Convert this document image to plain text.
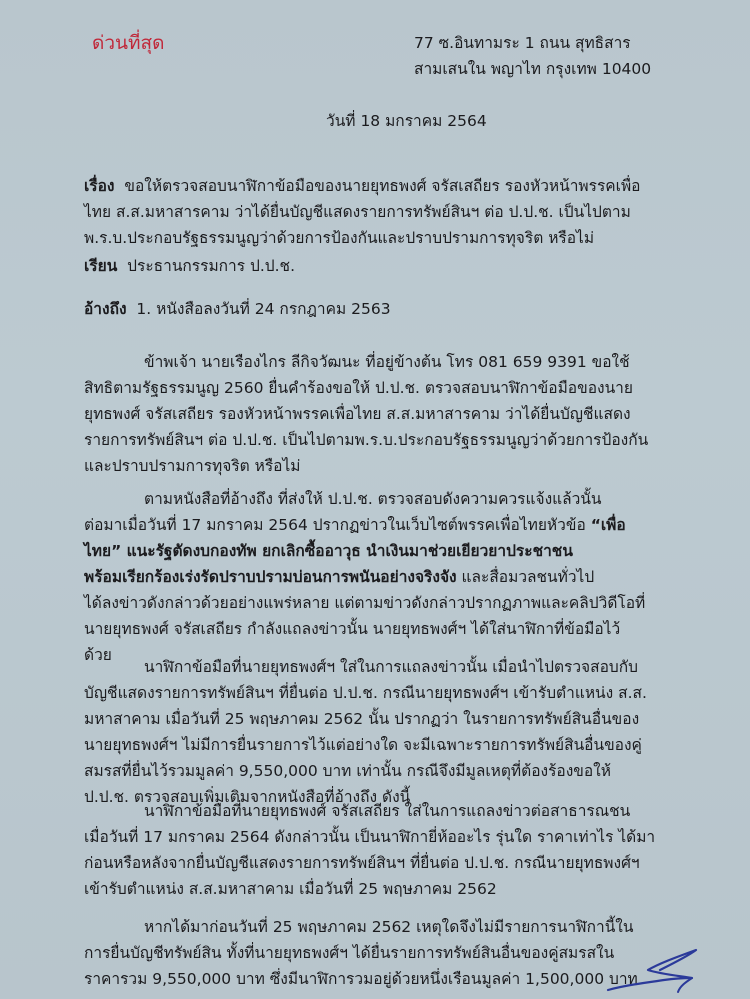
ด่วนที่สุด	77 ซ.อินทามระ 1 ถนน สุทธิสาร
สามเสนใน พญาไท กรุงเทพ 10400
วันที่ 18 มกราคม 2564
เรื่อง ขอให้ตรวจสอบนาฬิกาข้อมือของนายยุทธพงศ์ จรัสเสถียร รองหัวหน้าพรรคเพื่อ
ไทย ส.ส.มหาสารคาม ว่าได้ยื่นบัญชีแสดงรายการทรัพย์สินฯ ต่อ ป.ป.ช. เป็นไปตาม
พ.ร.บ.ประกอบรัฐธรรมนูญว่าด้วยการป้องกันและปราบปรามการทุจริต หรือไม่
เรียน ประธานกรรมการ ป.ป.ช.
อ้างถึง 1. หนังสือลงวันที่ 24 กรกฎาคม 2563
ข้าพเจ้า นายเรืองไกร ลีกิจวัฒนะ ที่อยู่ข้างต้น โทร 081 659 9391 ขอใช้
สิทธิตามรัฐธรรมนูญ 2560 ยื่นคำร้องขอให้ ป.ป.ช. ตรวจสอบนาฬิกาข้อมือของนาย
ยุทธพงศ์ จรัสเสถียร รองหัวหน้าพรรคเพื่อไทย ส.ส.มหาสารคาม ว่าได้ยื่นบัญชีแสดง
รายการทรัพย์สินฯ ต่อ ป.ป.ช. เป็นไปตามพ.ร.บ.ประกอบรัฐธรรมนูญว่าด้วยการป้องกัน
และปราบปรามการทุจริต หรือไม่
ตามหนังสือที่อ้างถึง ที่ส่งให้ ป.ป.ช. ตรวจสอบดังความควรแจ้งแล้วนั้น
ต่อมาเมื่อวันที่ 17 มกราคม 2564 ปรากฏข่าวในเว็บไซต์พรรคเพื่อไทยหัวข้อ “เพื่อ
ไทย” แนะรัฐตัดงบกองทัพ ยกเลิกซื้ออาวุธ นำเงินมาช่วยเยียวยาประชาชน
พร้อมเรียกร้องเร่งรัดปราบปรามบ่อนการพนันอย่างจริงจัง และสื่อมวลชนทั่วไป
ได้ลงข่าวดังกล่าวด้วยอย่างแพร่หลาย แต่ตามข่าวดังกล่าวปรากฏภาพและคลิปวิดีโอที่
นายยุทธพงศ์ จรัสเสถียร กำลังแถลงข่าวนั้น นายยุทธพงศ์ฯ ได้ใส่นาฬิกาที่ข้อมือไว้
ด้วย
นาฬิกาข้อมือที่นายยุทธพงศ์ฯ ใส่ในการแถลงข่าวนั้น เมื่อนำไปตรวจสอบกับ
บัญชีแสดงรายการทรัพย์สินฯ ที่ยื่นต่อ ป.ป.ช. กรณีนายยุทธพงศ์ฯ เข้ารับตำแหน่ง ส.ส.
มหาสาคาม เมื่อวันที่ 25 พฤษภาคม 2562 นั้น ปรากฏว่า ในรายการทรัพย์สินอื่นของ
นายยุทธพงศ์ฯ ไม่มีการยื่นรายการไว้แต่อย่างใด จะมีเฉพาะรายการทรัพย์สินอื่นของคู่
สมรสที่ยื่นไว้รวมมูลค่า 9,550,000 บาท เท่านั้น กรณีจึงมีมูลเหตุที่ต้องร้องขอให้
ป.ป.ช. ตรวจสอบเพิ่มเติมจากหนังสือที่อ้างถึง ดังนี้
นาฬิกาข้อมือที่นายยุทธพงศ์ จรัสเสถียร ใส่ในการแถลงข่าวต่อสาธารณชน
เมื่อวันที่ 17 มกราคม 2564 ดังกล่าวนั้น เป็นนาฬิกายี่ห้ออะไร รุ่นใด ราคาเท่าไร ได้มา
ก่อนหรือหลังจากยื่นบัญชีแสดงรายการทรัพย์สินฯ ที่ยื่นต่อ ป.ป.ช. กรณีนายยุทธพงศ์ฯ
เข้ารับตำแหน่ง ส.ส.มหาสาคาม เมื่อวันที่ 25 พฤษภาคม 2562
หากได้มาก่อนวันที่ 25 พฤษภาคม 2562 เหตุใดจึงไม่มีรายการนาฬิกานี้ใน
การยื่นบัญชีทรัพย์สิน ทั้งที่นายยุทธพงศ์ฯ ได้ยื่นรายการทรัพย์สินอื่นของคู่สมรสใน
ราคารวม 9,550,000 บาท ซึ่งมีนาฬิการวมอยู่ด้วยหนึ่งเรือนมูลค่า 1,500,000 บาท
